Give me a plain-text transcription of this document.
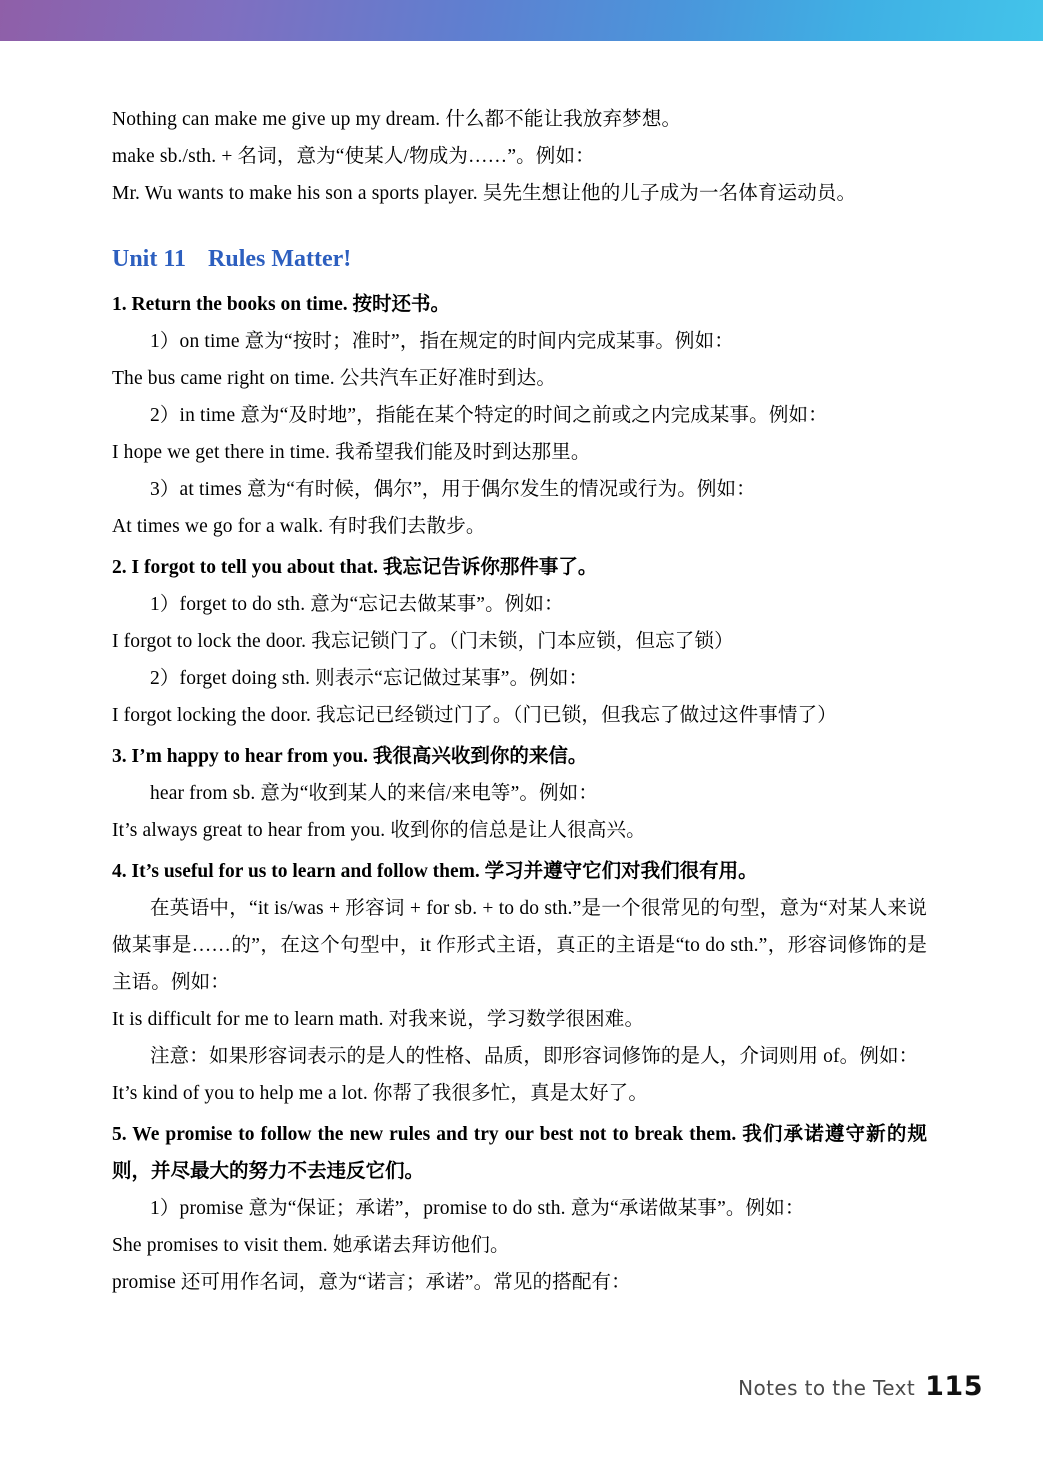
Nothing can make me give up my dream. 什么都不能让我放弃梦想。

make sb./sth. + 名词，意为“使某人/物成为……”。例如：

Mr. Wu wants to make his son a sports player. 吴先生想让他的儿子成为一名体育运动员。

Unit 11 Rules Matter!

1. Return the books on time. 按时还书。

1）on time 意为“按时；准时”，指在规定的时间内完成某事。例如：

The bus came right on time. 公共汽车正好准时到达。

2）in time 意为“及时地”，指能在某个特定的时间之前或之内完成某事。例如：

I hope we get there in time. 我希望我们能及时到达那里。

3）at times 意为“有时候，偶尔”，用于偶尔发生的情况或行为。例如：

At times we go for a walk. 有时我们去散步。

2. I forgot to tell you about that. 我忘记告诉你那件事了。

1）forget to do sth. 意为“忘记去做某事”。例如：

I forgot to lock the door. 我忘记锁门了。（门未锁，门本应锁，但忘了锁）

2）forget doing sth. 则表示“忘记做过某事”。例如：

I forgot locking the door. 我忘记已经锁过门了。（门已锁，但我忘了做过这件事情了）

3. I’m happy to hear from you. 我很高兴收到你的来信。

hear from sb. 意为“收到某人的来信/来电等”。例如：

It’s always great to hear from you. 收到你的信总是让人很高兴。

4. It’s useful for us to learn and follow them. 学习并遵守它们对我们很有用。

在英语中，“it is/was + 形容词 + for sb. + to do sth.”是一个很常见的句型，意为“对某人来说做某事是……的”，在这个句型中，it 作形式主语，真正的主语是“to do sth.”，形容词修饰的是主语。例如：

It is difficult for me to learn math. 对我来说，学习数学很困难。

注意：如果形容词表示的是人的性格、品质，即形容词修饰的是人，介词则用 of。例如：

It’s kind of you to help me a lot. 你帮了我很多忙，真是太好了。

5. We promise to follow the new rules and try our best not to break them. 我们承诺遵守新的规则，并尽最大的努力不去违反它们。

1）promise 意为“保证；承诺”，promise to do sth. 意为“承诺做某事”。例如：

She promises to visit them. 她承诺去拜访他们。

promise 还可用作名词，意为“诺言；承诺”。常见的搭配有：

Notes to the Text 115
